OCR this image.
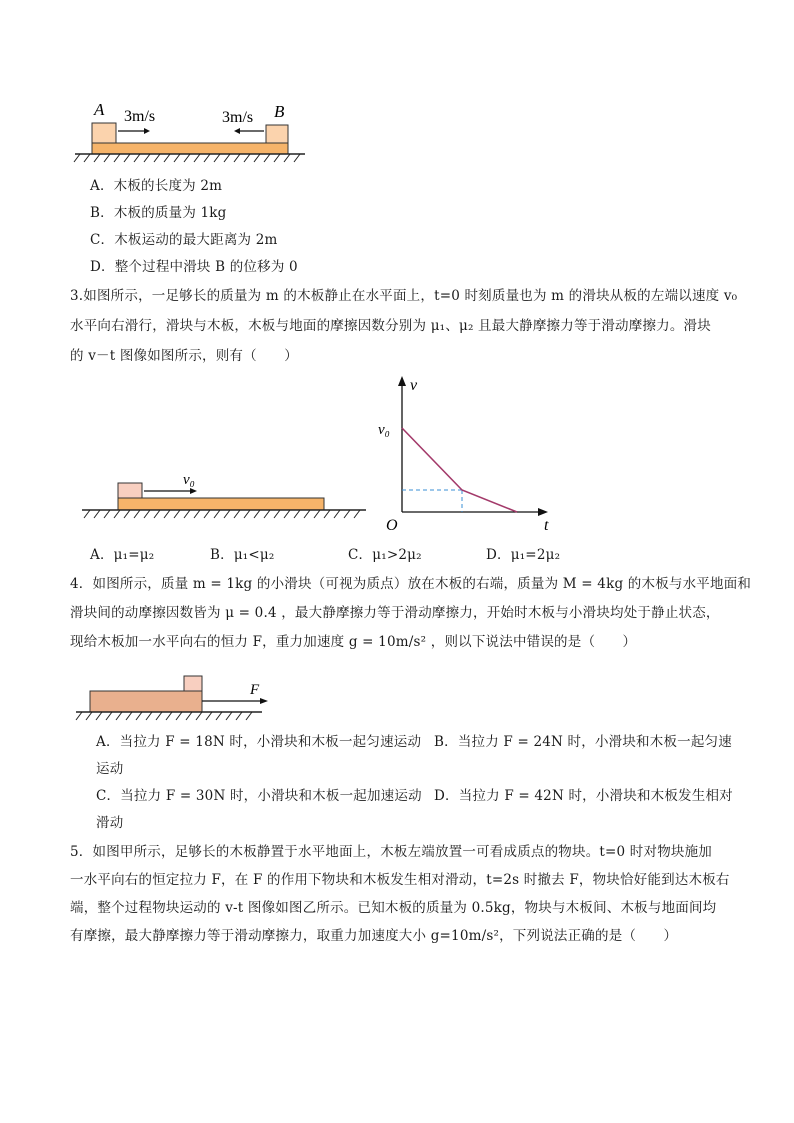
A 3m/s	3m/s B
A．木板的长度为 2m
B．木板的质量为 1kg
C．木板运动的最大距离为 2m
D．整个过程中滑块 B 的位移为 0
3.如图所示，一足够长的质量为 m 的木板静止在水平面上，t=0 时刻质量也为 m 的滑块从板的左端以速度 v₀
水平向右滑行，滑块与木板，木板与地面的摩擦因数分别为 μ₁、μ₂ 且最大静摩擦力等于滑动摩擦力。滑块
的 v－t 图像如图所示，则有（　　）
v₀
v
t
O
v₀
A．μ₁=μ₂	B．μ₁<μ₂	C．μ₁>2μ₂	D．μ₁=2μ₂
4．如图所示，质量 m = 1kg 的小滑块（可视为质点）放在木板的右端，质量为 M = 4kg 的木板与水平地面和
滑块间的动摩擦因数皆为 μ = 0.4 ，最大静摩擦力等于滑动摩擦力，开始时木板与小滑块均处于静止状态，
现给木板加一水平向右的恒力 F，重力加速度 g = 10m/s² ，则以下说法中错误的是（　　）
F
A．当拉力 F = 18N 时，小滑块和木板一起匀速运动 B．当拉力 F = 24N 时，小滑块和木板一起匀速
运动
C．当拉力 F = 30N 时，小滑块和木板一起加速运动 D．当拉力 F = 42N 时，小滑块和木板发生相对
滑动
5．如图甲所示，足够长的木板静置于水平地面上，木板左端放置一可看成质点的物块。t=0 时对物块施加
一水平向右的恒定拉力 F，在 F 的作用下物块和木板发生相对滑动，t=2s 时撤去 F，物块恰好能到达木板右
端，整个过程物块运动的 v-t 图像如图乙所示。已知木板的质量为 0.5kg，物块与木板间、木板与地面间均
有摩擦，最大静摩擦力等于滑动摩擦力，取重力加速度大小 g=10m/s²，下列说法正确的是（　　）
